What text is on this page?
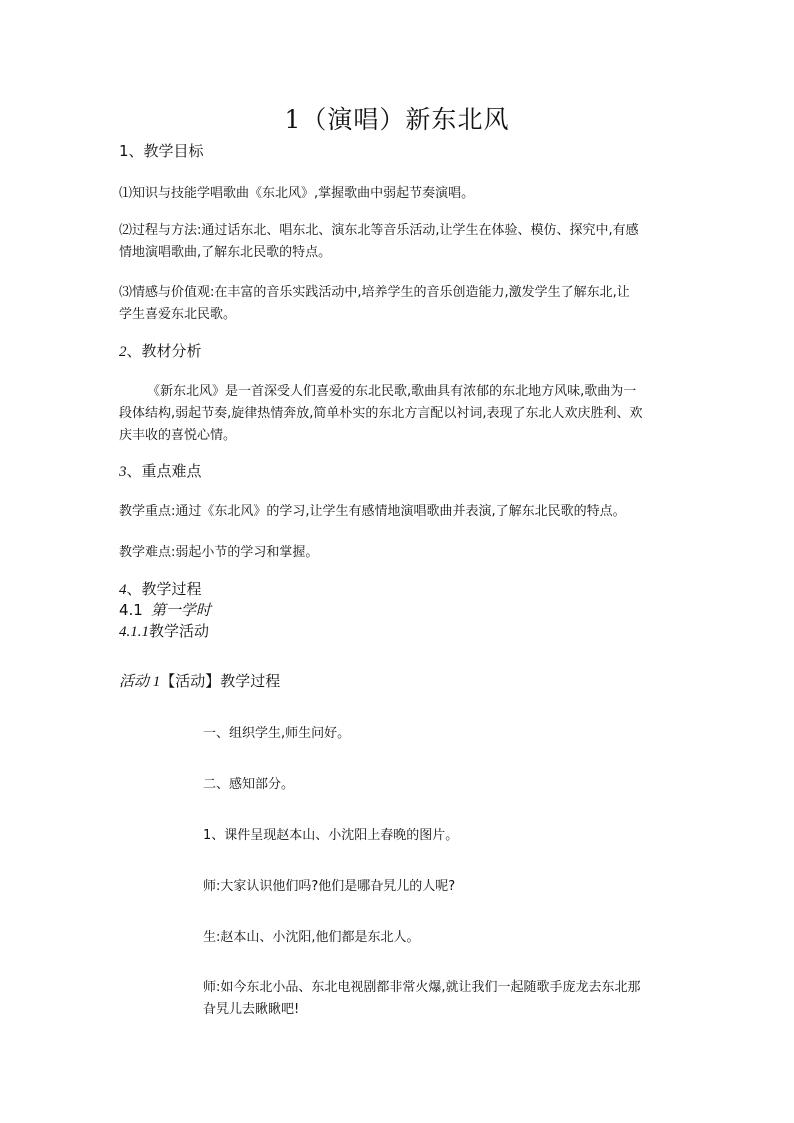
1（演唱）新东北风
1、教学目标
⑴知识与技能学唱歌曲《东北风》,掌握歌曲中弱起节奏演唱。
⑵过程与方法:通过话东北、唱东北、演东北等音乐活动,让学生在体验、模仿、探究中,有感
情地演唱歌曲,了解东北民歌的特点。
⑶情感与价值观:在丰富的音乐实践活动中,培养学生的音乐创造能力,激发学生了解东北,让
学生喜爱东北民歌。
2、教材分析
《新东北风》是一首深受人们喜爱的东北民歌,歌曲具有浓郁的东北地方风味,歌曲为一
段体结构,弱起节奏,旋律热情奔放,简单朴实的东北方言配以衬词,表现了东北人欢庆胜利、欢
庆丰收的喜悦心情。
3、重点难点
教学重点:通过《东北风》的学习,让学生有感情地演唱歌曲并表演,了解东北民歌的特点。
教学难点:弱起小节的学习和掌握。
4、教学过程
4.1 第一学时
4.1.1教学活动
活动 1【活动】教学过程
一、组织学生,师生问好。
二、感知部分。
1、课件呈现赵本山、小沈阳上春晚的图片。
师:大家认识他们吗?他们是哪旮旯儿的人呢?
生:赵本山、小沈阳,他们都是东北人。
师:如今东北小品、东北电视剧都非常火爆,就让我们一起随歌手庞龙去东北那
旮旯儿去瞅瞅吧!
